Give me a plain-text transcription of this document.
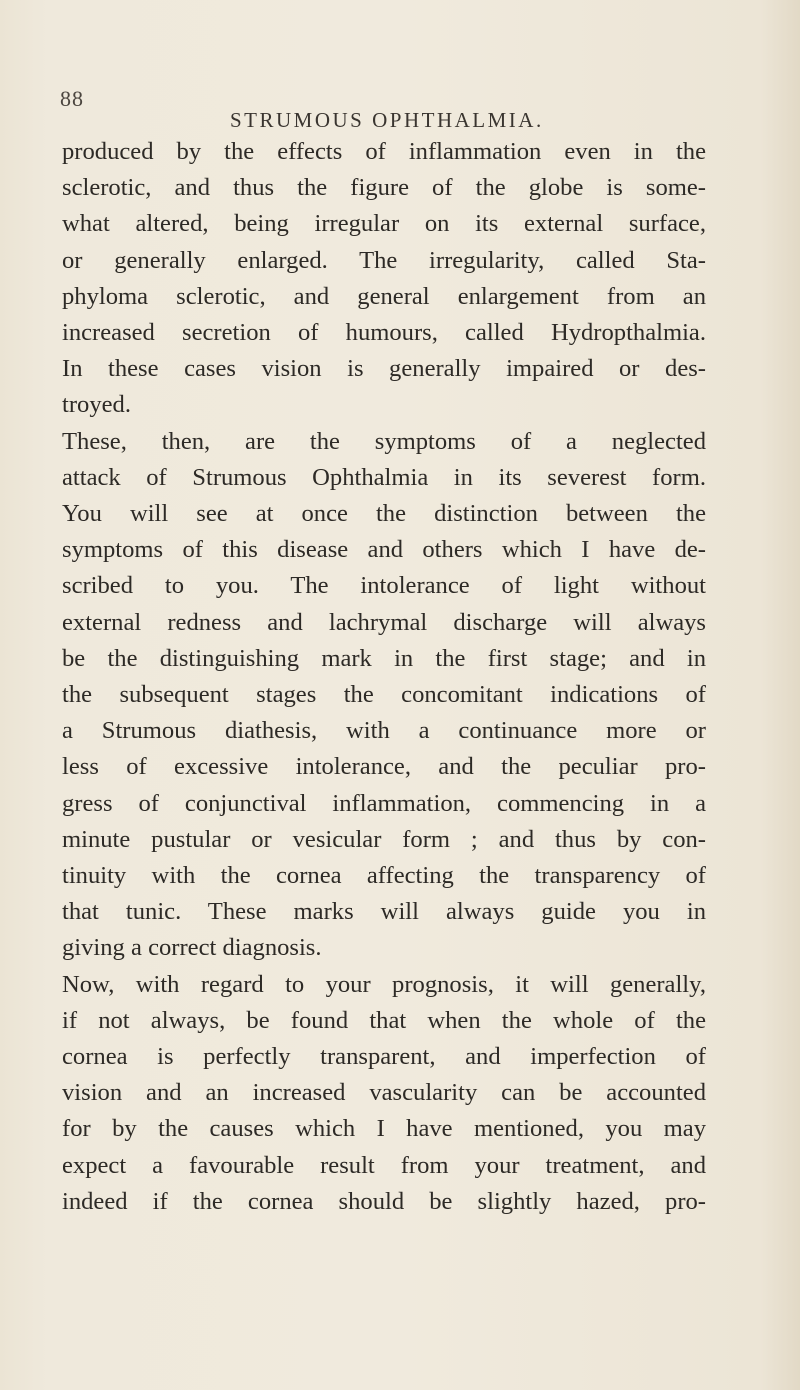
88
STRUMOUS OPHTHALMIA.
produced by the effects of inflammation even in the
sclerotic, and thus the figure of the globe is some-
what altered, being irregular on its external surface,
or generally enlarged. The irregularity, called Sta-
phyloma sclerotic, and general enlargement from an
increased secretion of humours, called Hydropthalmia.
In these cases vision is generally impaired or des-
troyed.
These, then, are the symptoms of a neglected
attack of Strumous Ophthalmia in its severest form.
You will see at once the distinction between the
symptoms of this disease and others which I have de-
scribed to you. The intolerance of light without
external redness and lachrymal discharge will always
be the distinguishing mark in the first stage; and in
the subsequent stages the concomitant indications of
a Strumous diathesis, with a continuance more or
less of excessive intolerance, and the peculiar pro-
gress of conjunctival inflammation, commencing in a
minute pustular or vesicular form ; and thus by con-
tinuity with the cornea affecting the transparency of
that tunic. These marks will always guide you in
giving a correct diagnosis.
Now, with regard to your prognosis, it will generally,
if not always, be found that when the whole of the
cornea is perfectly transparent, and imperfection of
vision and an increased vascularity can be accounted
for by the causes which I have mentioned, you may
expect a favourable result from your treatment, and
indeed if the cornea should be slightly hazed, pro-
